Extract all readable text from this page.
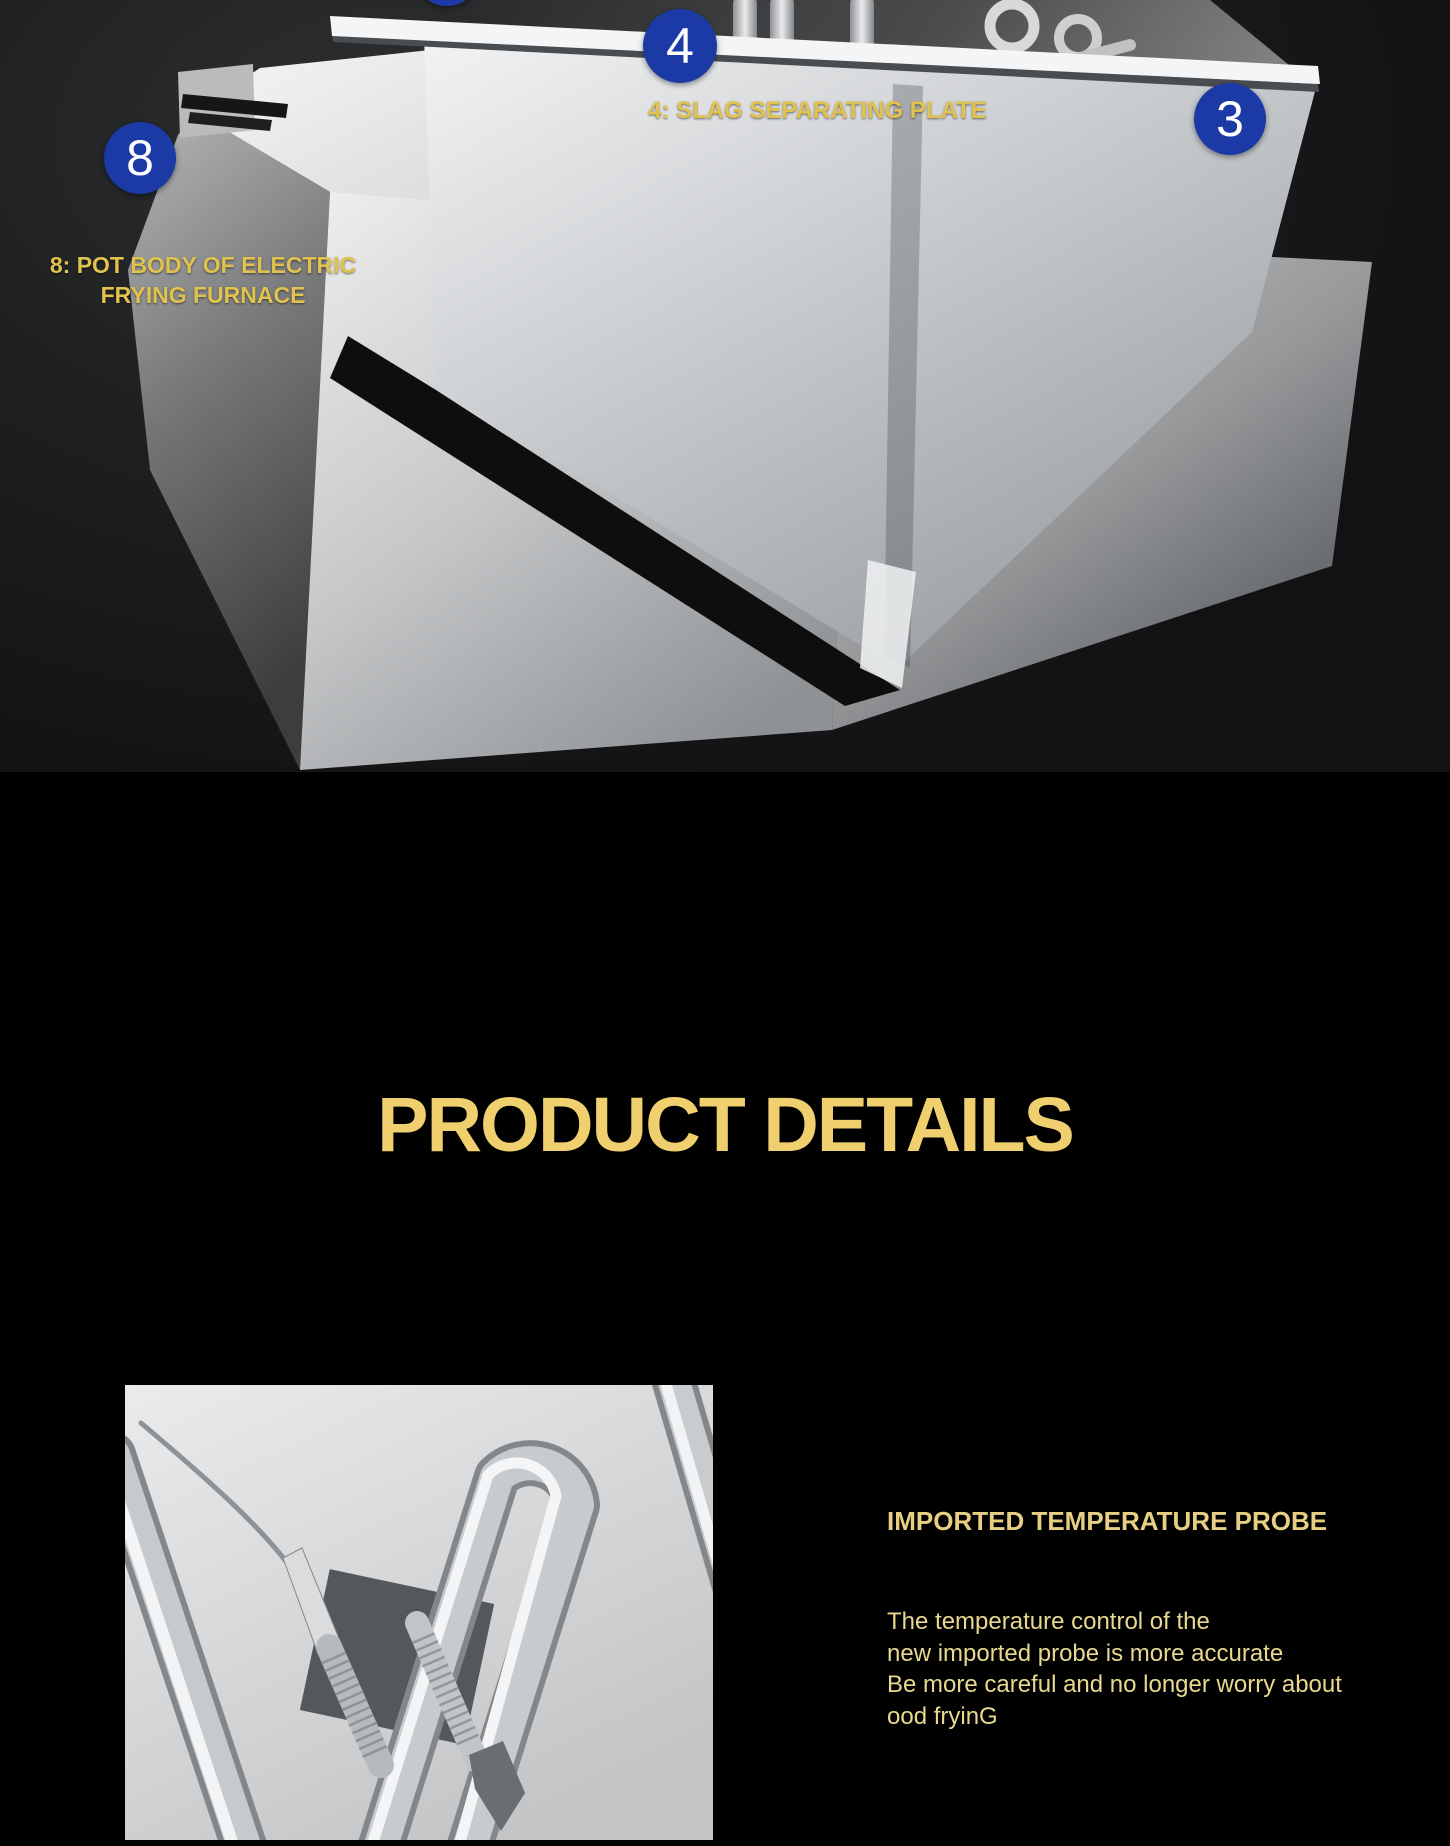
4
3
8
4: SLAG SEPARATING PLATE
8: POT BODY OF ELECTRIC
FRYING FURNACE
PRODUCT DETAILS
IMPORTED TEMPERATURE PROBE
The temperature control of the
new imported probe is more accurate
Be more careful and no longer worry about
ood fryinG
